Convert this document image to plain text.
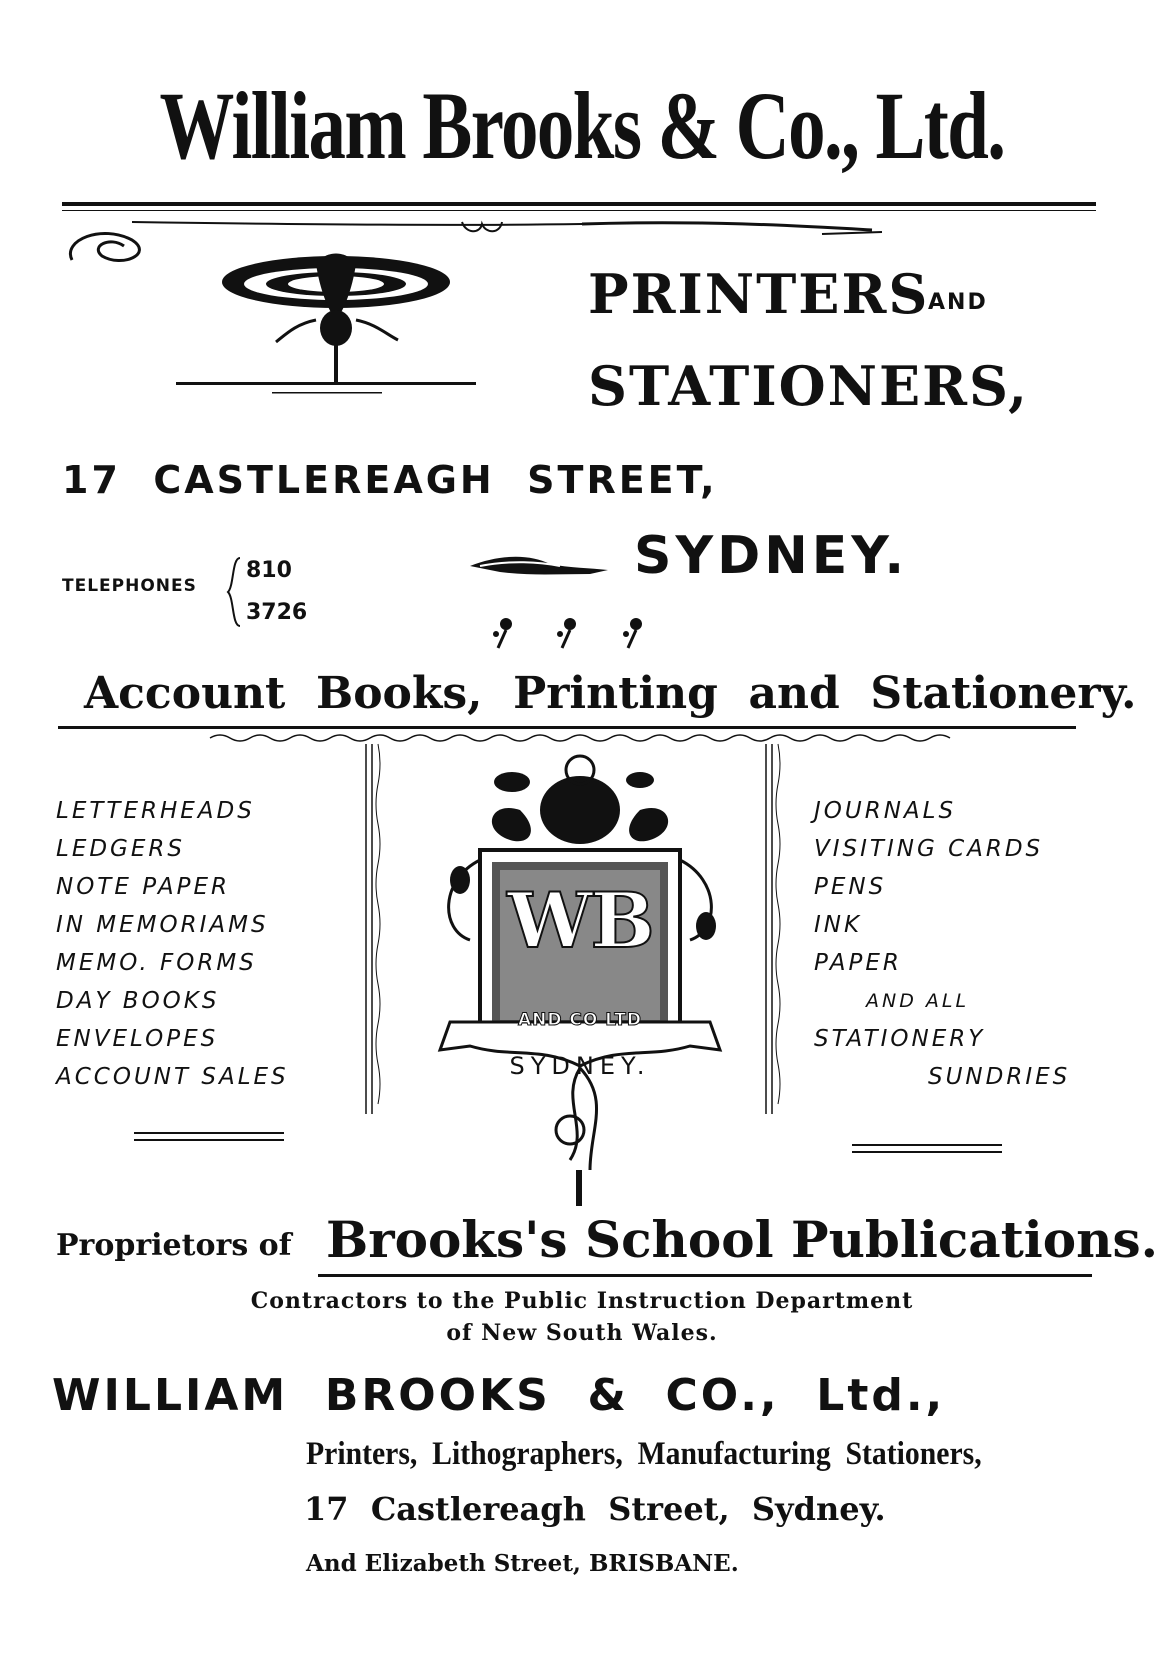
William Brooks & Co., Ltd.
PRINTERS
AND
STATIONERS,
17  CASTLEREAGH  STREET,
TELEPHONES
810
3726
SYDNEY.
Account  Books,  Printing  and  Stationery.
LETTERHEADS
LEDGERS
NOTE PAPER
IN MEMORIAMS
MEMO. FORMS
DAY BOOKS
ENVELOPES
ACCOUNT SALES
JOURNALS
VISITING CARDS
PENS
INK
PAPER
AND ALL
STATIONERY
SUNDRIES
WB
AND CO LTD
SYDNEY.
Proprietors of Brooks's School Publications.
Contractors to the Public Instruction Department
of New South Wales.
WILLIAM  BROOKS  &  CO.,  Ltd.,
Printers,  Lithographers,  Manufacturing  Stationers,
17  Castlereagh  Street,  Sydney.
And Elizabeth Street, BRISBANE.
